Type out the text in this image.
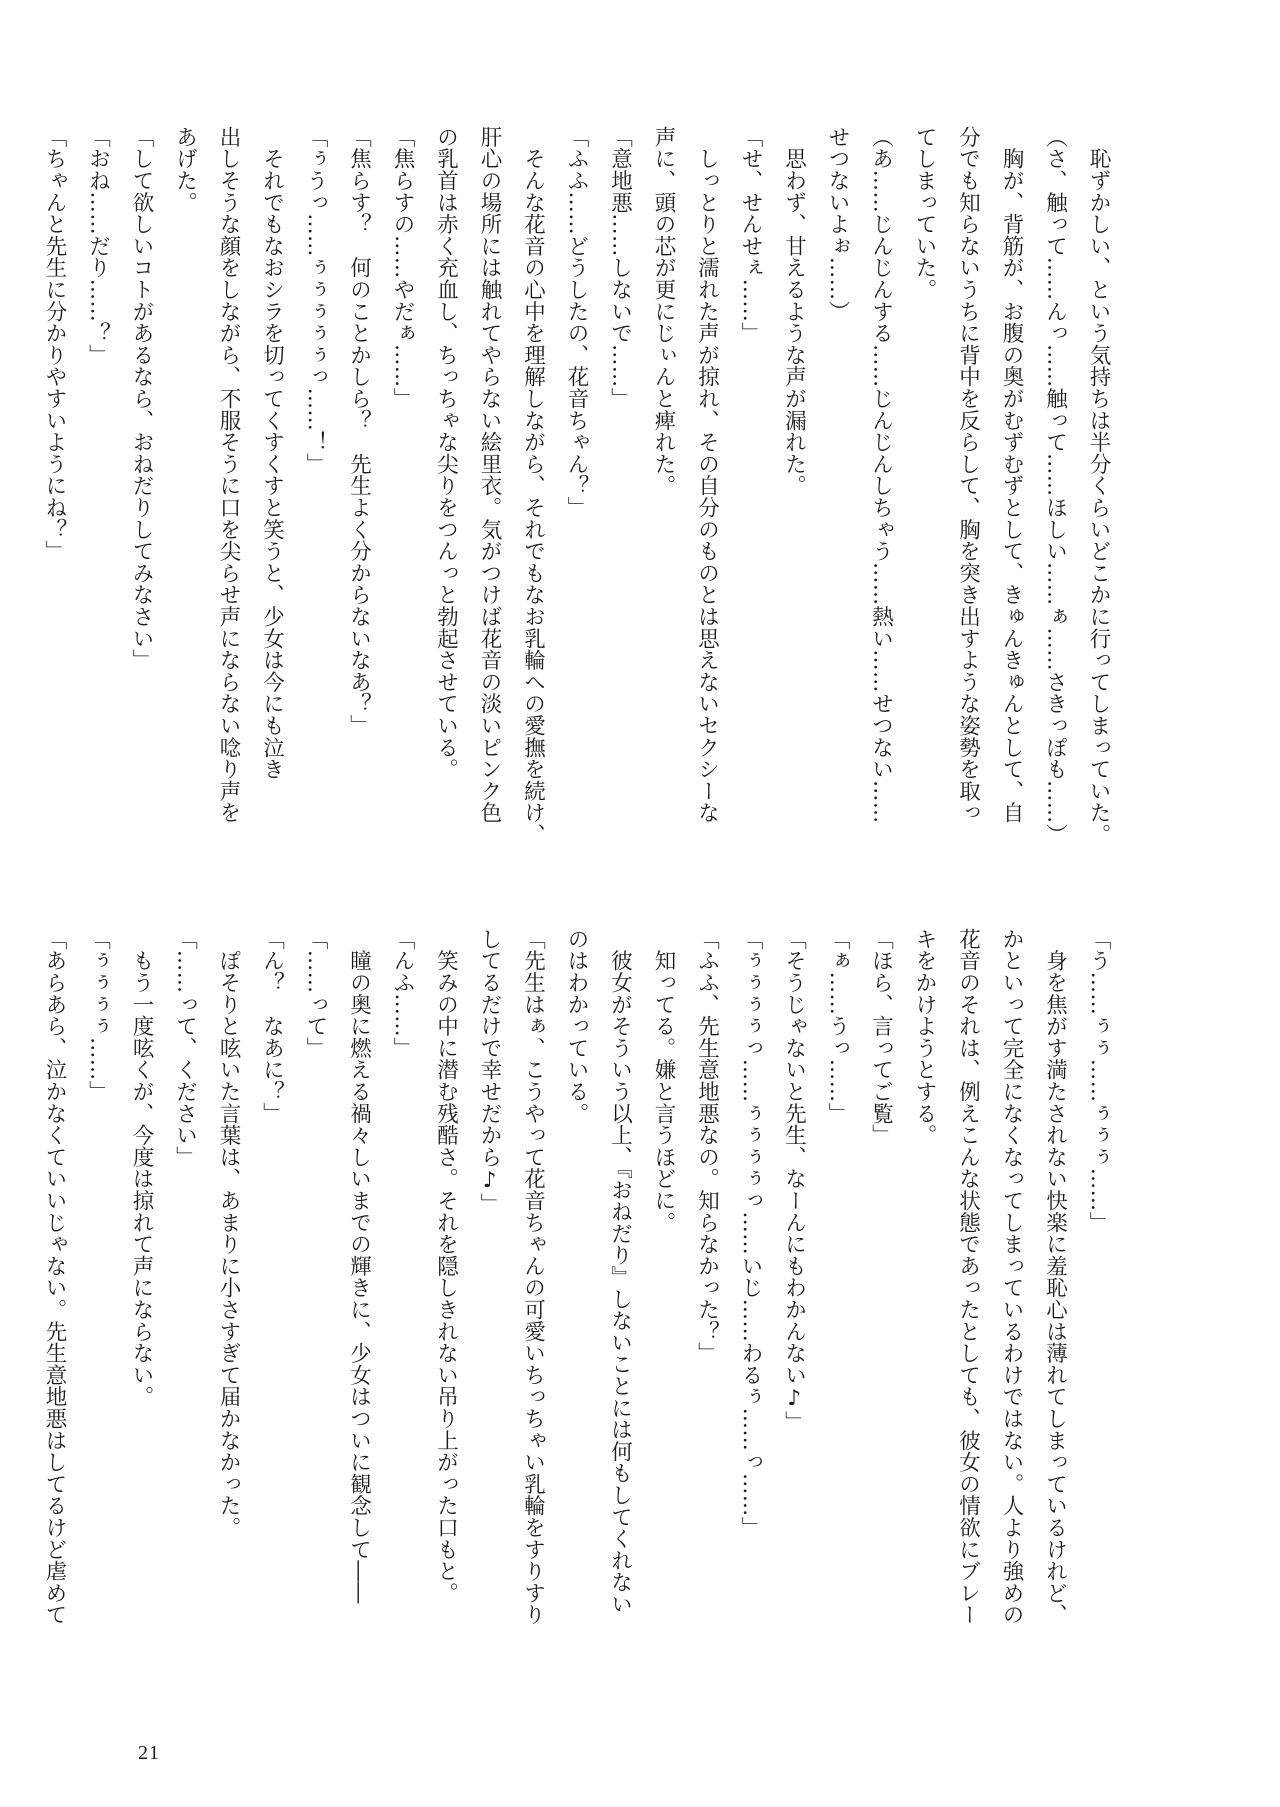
　恥ずかしい、という気持ちは半分くらいどこかに行ってしまっていた。
（さ、触って……んっ……触って……ほしい……ぁ……さきっぽも……）
　胸が、背筋が、お腹の奥がむずむずとして、きゅんきゅんとして、自
分でも知らないうちに背中を反らして、胸を突き出すような姿勢を取っ
てしまっていた。
（あ……じんじんする……じんじんしちゃう……熱い……せつない……
せつないよぉ……）
　思わず、甘えるような声が漏れた。
「せ、せんせぇ……」
　しっとりと濡れた声が掠れ、その自分のものとは思えないセクシーな
声に、頭の芯が更にじぃんと痺れた。
「意地悪……しないで……」
「ふふ……どうしたの、花音ちゃん？」
　そんな花音の心中を理解しながら、それでもなお乳輪への愛撫を続け、
肝心の場所には触れてやらない絵里衣。気がつけば花音の淡いピンク色
の乳首は赤く充血し、ちっちゃな尖りをつんっと勃起させている。
「焦らすの……やだぁ……」
「焦らす？　何のことかしら？　先生よく分からないなあ？」
「ぅうっ……ぅぅぅぅぅっ……！」
　それでもなおシラを切ってくすくすと笑うと、少女は今にも泣き
出しそうな顔をしながら、不服そうに口を尖らせ声にならない唸り声を
あげた。
「して欲しいコトがあるなら、おねだりしてみなさい」
「おね……だり……？」
「ちゃんと先生に分かりやすいようにね？」
「う……ぅぅ……ぅぅぅ……」
　身を焦がす満たされない快楽に羞恥心は薄れてしまっているけれど、
かといって完全になくなってしまっているわけではない。人より強めの
花音のそれは、例えこんな状態であったとしても、彼女の情欲にブレー
キをかけようとする。
「ほら、言ってご覧」
「ぁ……うっ……」
「そうじゃないと先生、なーんにもわかんない♪」
「ぅぅぅぅっ……ぅぅぅぅっ……いじ……わるぅ……っ……」
「ふふ、先生意地悪なの。知らなかった？」
　知ってる。嫌と言うほどに。
　彼女がそういう以上、『おねだり』しないことには何もしてくれない
のはわかっている。
「先生はぁ、こうやって花音ちゃんの可愛いちっちゃい乳輪をすりすり
してるだけで幸せだから♪」
　笑みの中に潜む残酷さ。それを隠しきれない吊り上がった口もと。
「んふ……」
　瞳の奥に燃える禍々しいまでの輝きに、少女はついに観念して――
「……って」
「ん？　なあに？」
　ぽそりと呟いた言葉は、あまりに小さすぎて届かなかった。
「……って、ください」
　もう一度呟くが、今度は掠れて声にならない。
「ぅぅぅぅ……」
「あらあら、泣かなくていいじゃない。先生意地悪はしてるけど虐めて
21
